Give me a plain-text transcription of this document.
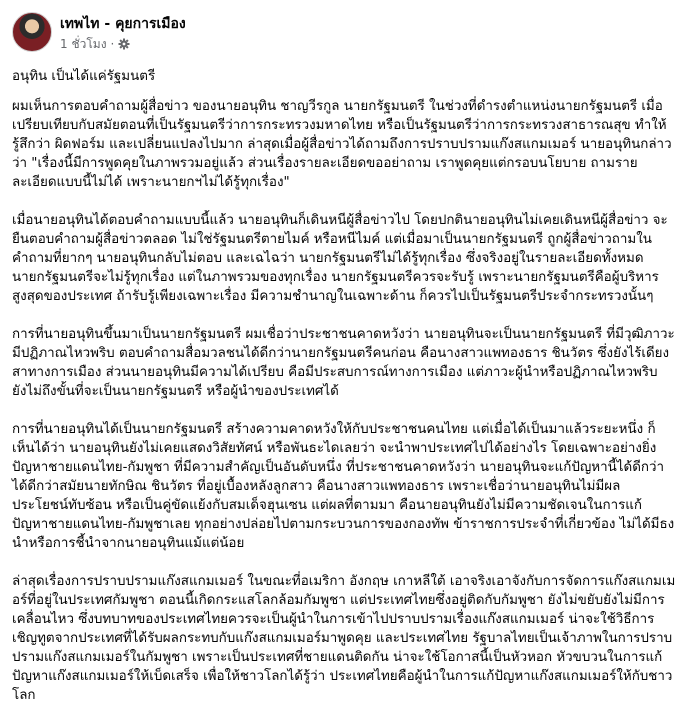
เทพไท - คุยการเมือง
1 ชั่วโมง ·

อนุทิน เป็นได้แค่รัฐมนตรี

ผมเห็นการตอบคำถามผู้สื่อข่าว ของนายอนุทิน ชาญวีรกูล นายกรัฐมนตรี ในช่วงที่ดำรงตำแหน่งนายกรัฐมนตรี เมื่อเปรียบเทียบกับสมัยตอนที่เป็นรัฐมนตรีว่าการกระทรวงมหาดไทย หรือเป็นรัฐมนตรีว่าการกระทรวงสาธารณสุข ทำให้รู้สึกว่า ผิดฟอร์ม และเปลี่ยนแปลงไปมาก ล่าสุดเมื่อผู้สื่อข่าวได้ถามถึงการปราบปรามแก๊งสแกมเมอร์ นายอนุทินกล่าวว่า "เรื่องนี้มีการพูดคุยในภาพรวมอยู่แล้ว ส่วนเรื่องรายละเอียดขออย่าถาม เราพูดคุยแต่กรอบนโยบาย ถามรายละเอียดแบบนี้ไม่ได้ เพราะนายกฯไม่ได้รู้ทุกเรื่อง"

เมื่อนายอนุทินได้ตอบคำถามแบบนี้แล้ว นายอนุทินก็เดินหนีผู้สื่อข่าวไป โดยปกตินายอนุทินไม่เคยเดินหนีผู้สื่อข่าว จะยืนตอบคำถามผู้สื่อข่าวตลอด ไม่ใช่รัฐมนตรีตายไมค์ หรือหนีไมค์ แต่เมื่อมาเป็นนายกรัฐมนตรี ถูกผู้สื่อข่าวถามในคำถามที่ยากๆ นายอนุทินกลับไม่ตอบ และเฉไฉว่า นายกรัฐมนตรีไม่ได้รู้ทุกเรื่อง ซึ่งจริงอยู่ในรายละเอียดทั้งหมดนายกรัฐมนตรีจะไม่รู้ทุกเรื่อง แต่ในภาพรวมของทุกเรื่อง นายกรัฐมนตรีควรจะรับรู้ เพราะนายกรัฐมนตรีคือผู้บริหารสูงสุดของประเทศ ถ้ารับรู้เพียงเฉพาะเรื่อง มีความชำนาญในเฉพาะด้าน ก็ควรไปเป็นรัฐมนตรีประจำกระทรวงนั้นๆ

การที่นายอนุทินขึ้นมาเป็นนายกรัฐมนตรี ผมเชื่อว่าประชาชนคาดหวังว่า นายอนุทินจะเป็นนายกรัฐมนตรี ที่มีวุฒิภาวะมีปฏิภาณไหวพริบ ตอบคำถามสื่อมวลชนได้ดีกว่านายกรัฐมนตรีคนก่อน คือนางสาวแพทองธาร ชินวัตร ซึ่งยังไร้เดียงสาทางการเมือง ส่วนนายอนุทินมีความได้เปรียบ คือมีประสบการณ์ทางการเมือง แต่ภาวะผู้นำหรือปฏิภาณไหวพริบ ยังไม่ถึงขั้นที่จะเป็นนายกรัฐมนตรี หรือผู้นำของประเทศได้

การที่นายอนุทินได้เป็นนายกรัฐมนตรี สร้างความคาดหวังให้กับประชาชนคนไทย แต่เมื่อได้เป็นมาแล้วระยะหนึ่ง ก็เห็นได้ว่า นายอนุทินยังไม่เคยแสดงวิสัยทัศน์ หรือพันธะไดเลยว่า จะนำพาประเทศไปได้อย่างไร โดยเฉพาะอย่างยิ่งปัญหาชายแดนไทย-กัมพูชา ที่มีความสำคัญเป็นอันดับหนึ่ง ที่ประชาชนคาดหวังว่า นายอนุทินจะแก้ปัญหานี้ได้ดีกว่าได้ดีกว่าสมัยนายทักษิณ ชินวัตร ที่อยู่เบื้องหลังลูกสาว คือนางสาวแพทองธาร เพราะเชื่อว่านายอนุทินไม่มีผลประโยชน์ทับซ้อน หรือเป็นคู่ขัดแย้งกับสมเด็จฮุนเซน แต่ผลที่ตามมา คือนายอนุทินยังไม่มีความชัดเจนในการแก้ปัญหาชายแดนไทย-กัมพูชาเลย ทุกอย่างปล่อยไปตามกระบวนการของกองทัพ ข้าราชการประจำที่เกี่ยวข้อง ไม่ได้มีธงนำหรือการชี้นำจากนายอนุทินแม้แต่น้อย

ล่าสุดเรื่องการปราบปรามแก๊งสแกมเมอร์ ในขณะที่อเมริกา อังกฤษ เกาหลีใต้ เอาจริงเอาจังกับการจัดการแก๊งสแกมเมอร์ที่อยู่ในประเทศกัมพูชา ตอนนี้เกิดกระแสโลกล้อมกัมพูชา แต่ประเทศไทยซึ่งอยู่ติดกับกัมพูชา ยังไม่ขยับยังไม่มีการเคลื่อนไหว ซึ่งบทบาทของประเทศไทยควรจะเป็นผู้นำในการเข้าไปปราบปรามเรื่องแก๊งสแกมเมอร์ น่าจะใช้วิธีการเชิญทูตจากประเทศที่ได้รับผลกระทบกับแก๊งสแกมเมอร์มาพูดคุย และประเทศไทย รัฐบาลไทยเป็นเจ้าภาพในการปราบปรามแก๊งสแกมเมอร์ในกัมพูชา เพราะเป็นประเทศที่ชายแดนติดกัน น่าจะใช้โอกาสนี้เป็นหัวหอก หัวขบวนในการแก้ปัญหาแก๊งสแกมเมอร์ให้เบ็ดเสร็จ เพื่อให้ชาวโลกได้รู้ว่า ประเทศไทยคือผู้นำในการแก้ปัญหาแก๊งสแกมเมอร์ให้กับชาวโลก
